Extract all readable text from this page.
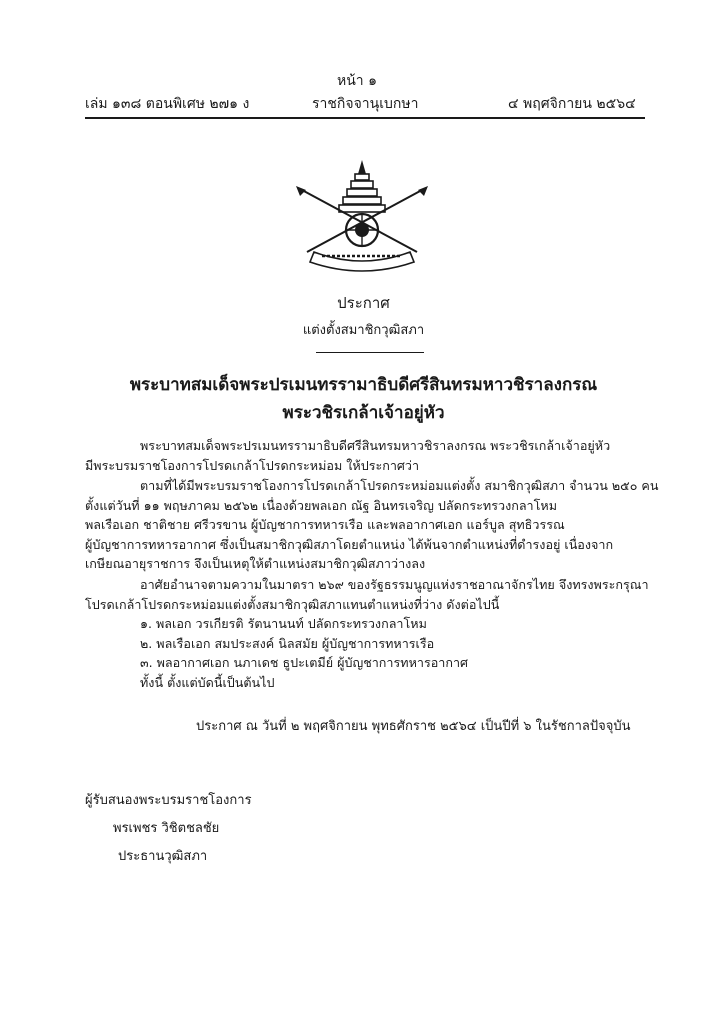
หน้า ๑
เล่ม ๑๓๘ ตอนพิเศษ ๒๗๑ ง	ราชกิจจานุเบกษา	๔ พฤศจิกายน ๒๕๖๔
ประกาศ
แต่งตั้งสมาชิกวุฒิสภา
พระบาทสมเด็จพระปรเมนทรรามาธิบดีศรีสินทรมหาวชิราลงกรณ
พระวชิรเกล้าเจ้าอยู่หัว

พระบาทสมเด็จพระปรเมนทรรามาธิบดีศรีสินทรมหาวชิราลงกรณ พระวชิรเกล้าเจ้าอยู่หัว

มีพระบรมราชโองการโปรดเกล้าโปรดกระหม่อม ให้ประกาศว่า

ตามที่ได้มีพระบรมราชโองการโปรดเกล้าโปรดกระหม่อมแต่งตั้ง สมาชิกวุฒิสภา จำนวน ๒๕๐ คน

ตั้งแต่วันที่ ๑๑ พฤษภาคม ๒๕๖๒ เนื่องด้วยพลเอก ณัฐ อินทรเจริญ ปลัดกระทรวงกลาโหม

พลเรือเอก ชาติชาย ศรีวรขาน ผู้บัญชาการทหารเรือ และพลอากาศเอก แอร์บูล สุทธิวรรณ

ผู้บัญชาการทหารอากาศ ซึ่งเป็นสมาชิกวุฒิสภาโดยตำแหน่ง ได้พ้นจากตำแหน่งที่ดำรงอยู่ เนื่องจาก

เกษียณอายุราชการ จึงเป็นเหตุให้ตำแหน่งสมาชิกวุฒิสภาว่างลง

อาศัยอำนาจตามความในมาตรา ๒๖๙ ของรัฐธรรมนูญแห่งราชอาณาจักรไทย จึงทรงพระกรุณา

โปรดเกล้าโปรดกระหม่อมแต่งตั้งสมาชิกวุฒิสภาแทนตำแหน่งที่ว่าง ดังต่อไปนี้

๑. พลเอก วรเกียรติ รัตนานนท์ ปลัดกระทรวงกลาโหม

๒. พลเรือเอก สมประสงค์ นิลสมัย ผู้บัญชาการทหารเรือ

๓. พลอากาศเอก นภาเดช ธูปะเตมีย์ ผู้บัญชาการทหารอากาศ

ทั้งนี้ ตั้งแต่บัดนี้เป็นต้นไป

ประกาศ ณ วันที่ ๒ พฤศจิกายน พุทธศักราช ๒๕๖๔ เป็นปีที่ ๖ ในรัชกาลปัจจุบัน
ผู้รับสนองพระบรมราชโองการ
พรเพชร วิชิตชลชัย
ประธานวุฒิสภา
